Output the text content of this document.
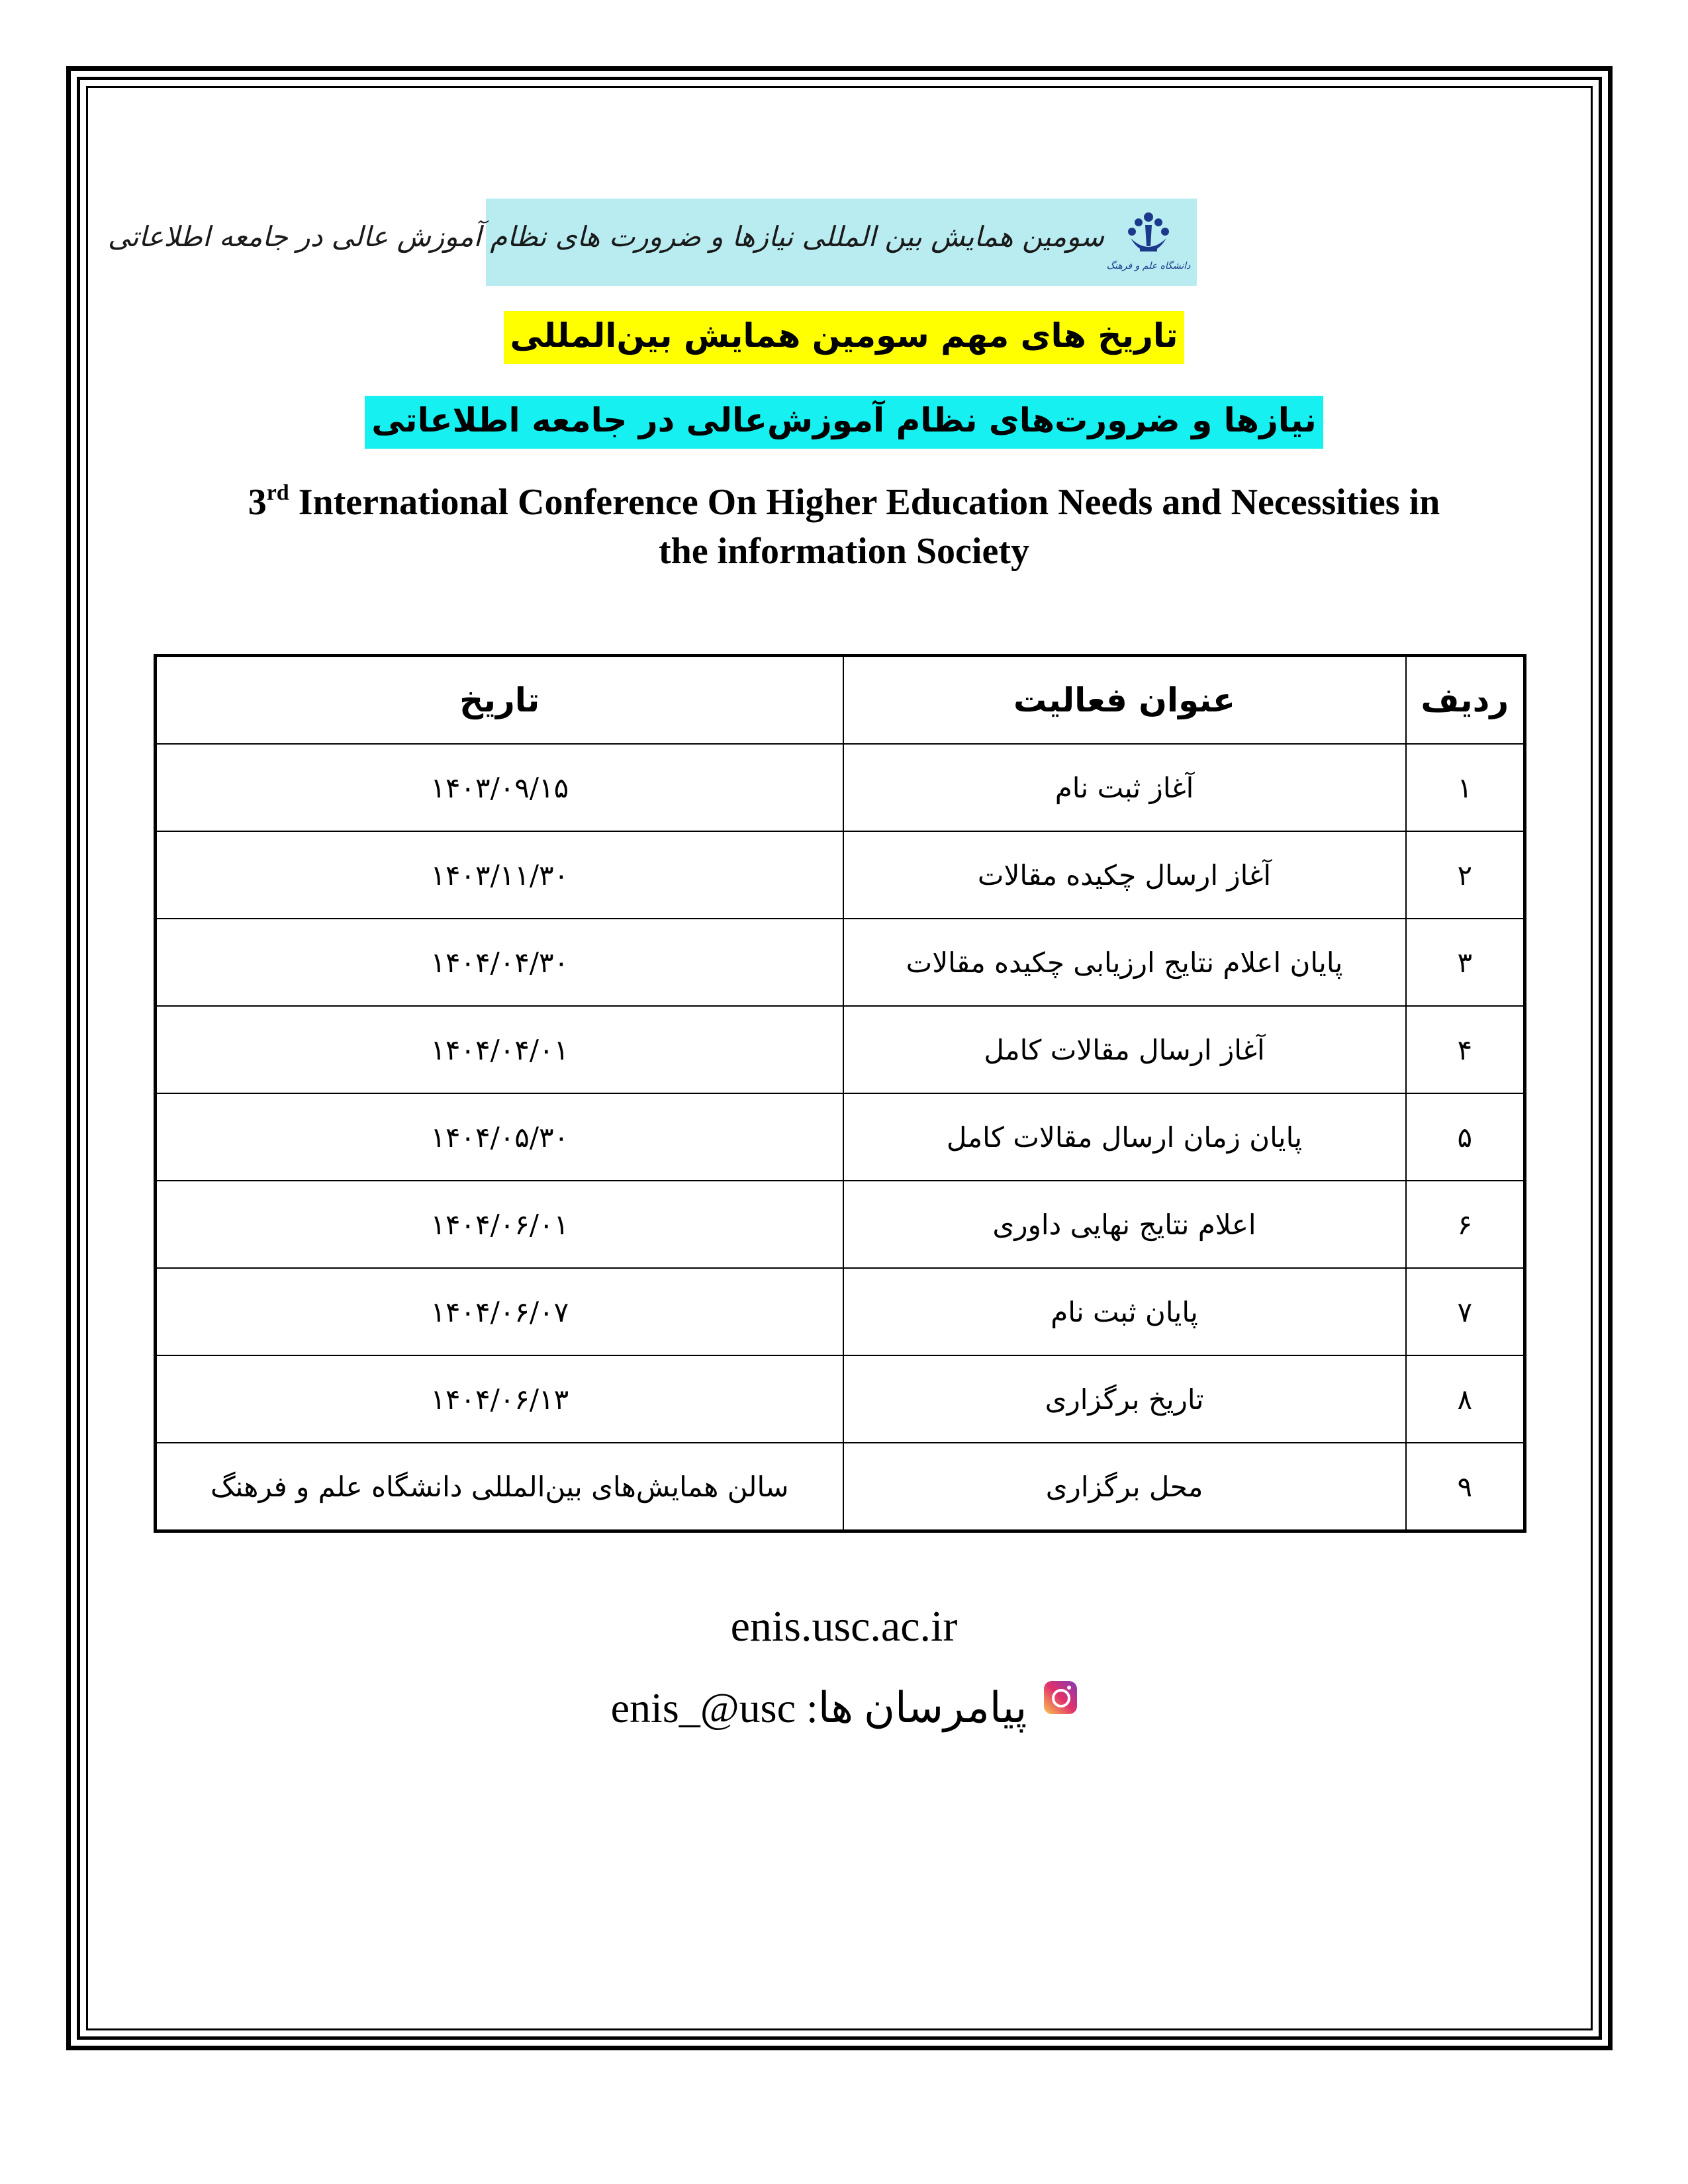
سومین همایش بین المللی نیازها و ضرورت های نظام آموزش عالی در جامعه اطلاعاتی
دانشگاه علم و فرهنگ
تاریخ های مهم سومین همایش بین‌المللی
نیازها و ضرورت‌های نظام آموزش‌عالی در جامعه اطلاعاتی
3rd International Conference On Higher Education Needs and Necessities in
the information Society
ردیف	عنوان فعالیت	تاریخ
۱	آغاز ثبت نام	۱۴۰۳/۰۹/۱۵
۲	آغاز ارسال چکیده مقالات	۱۴۰۳/۱۱/۳۰
۳	پایان اعلام نتایج ارزیابی چکیده مقالات	۱۴۰۴/۰۴/۳۰
۴	آغاز ارسال مقالات کامل	۱۴۰۴/۰۴/۰۱
۵	پایان زمان ارسال مقالات کامل	۱۴۰۴/۰۵/۳۰
۶	اعلام نتایج نهایی داوری	۱۴۰۴/۰۶/۰۱
۷	پایان ثبت نام	۱۴۰۴/۰۶/۰۷
۸	تاریخ برگزاری	۱۴۰۴/۰۶/۱۳
۹	محل برگزاری	سالن همایش‌های بین‌المللی دانشگاه علم و فرهنگ
enis.usc.ac.ir
پیامرسان ها: enis_@usc
